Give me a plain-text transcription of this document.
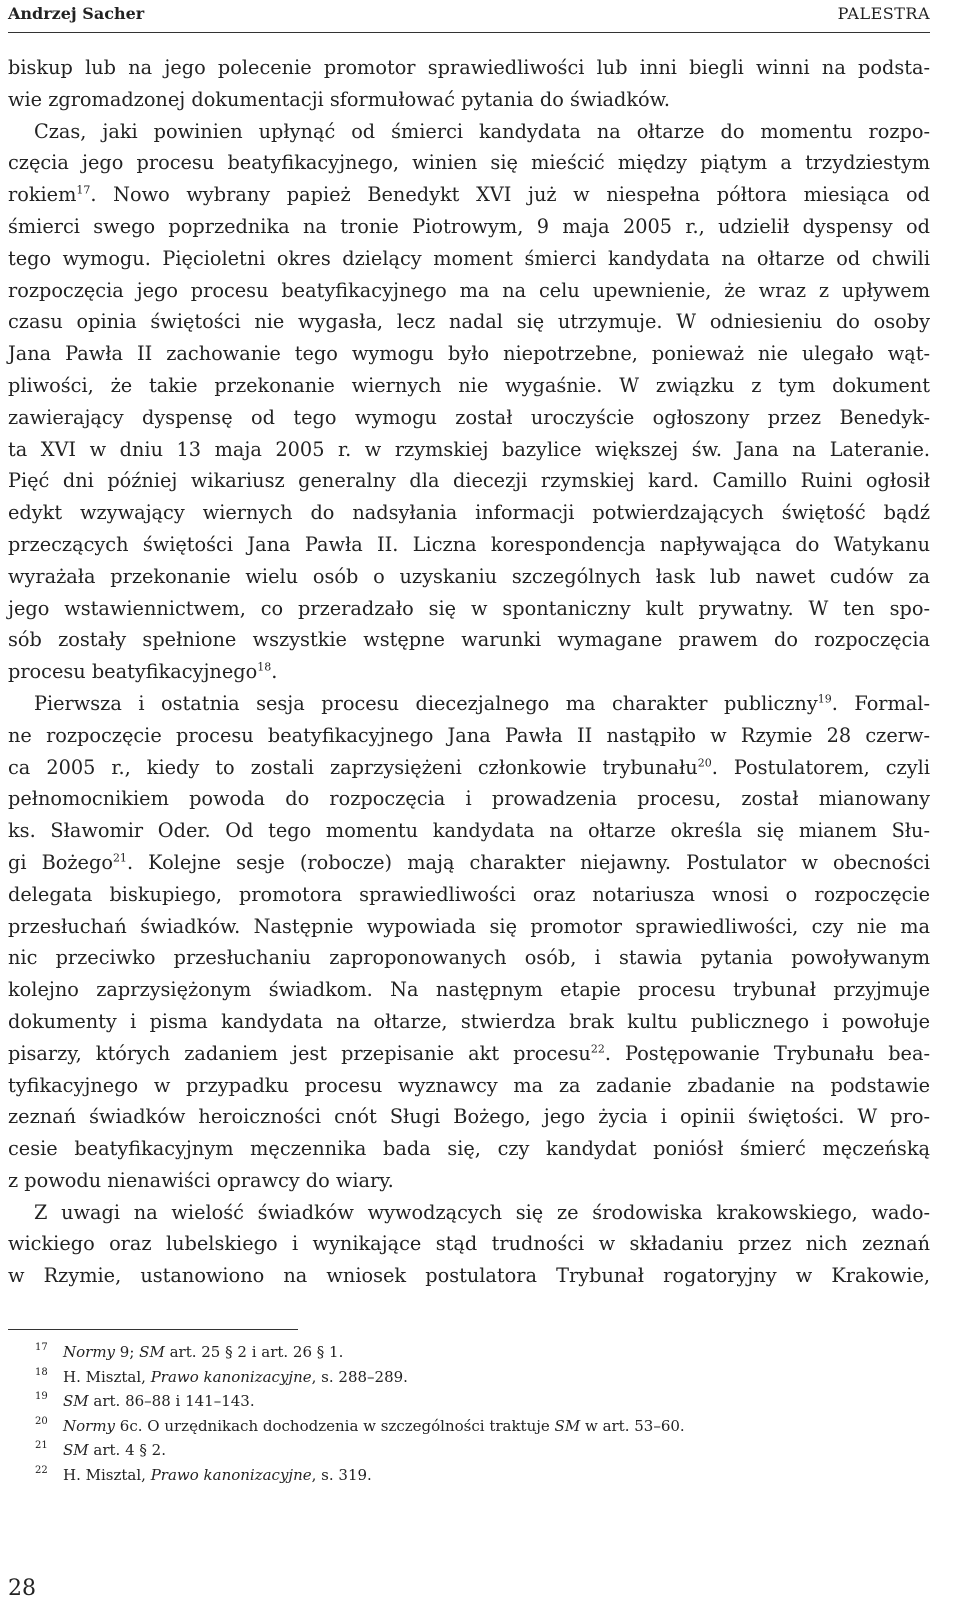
Andrzej Sacher	PALESTRA
biskup lub na jego polecenie promotor sprawiedliwości lub inni biegli winni na podsta-
wie zgromadzonej dokumentacji sformułować pytania do świadków.
Czas, jaki powinien upłynąć od śmierci kandydata na ołtarze do momentu rozpo-
częcia jego procesu beatyfikacyjnego, winien się mieścić między piątym a trzydziestym
rokiem$^{17}$. Nowo wybrany papież Benedykt XVI już w niespełna półtora miesiąca od
śmierci swego poprzednika na tronie Piotrowym, 9 maja 2005 r., udzielił dyspensy od
tego wymogu. Pięcioletni okres dzielący moment śmierci kandydata na ołtarze od chwili
rozpoczęcia jego procesu beatyfikacyjnego ma na celu upewnienie, że wraz z upływem
czasu opinia świętości nie wygasła, lecz nadal się utrzymuje. W odniesieniu do osoby
Jana Pawła II zachowanie tego wymogu było niepotrzebne, ponieważ nie ulegało wąt-
pliwości, że takie przekonanie wiernych nie wygaśnie. W związku z tym dokument
zawierający dyspensę od tego wymogu został uroczyście ogłoszony przez Benedyk-
ta XVI w dniu 13 maja 2005 r. w rzymskiej bazylice większej św. Jana na Lateranie.
Pięć dni później wikariusz generalny dla diecezji rzymskiej kard. Camillo Ruini ogłosił
edykt wzywający wiernych do nadsyłania informacji potwierdzających świętość bądź
przeczących świętości Jana Pawła II. Liczna korespondencja napływająca do Watykanu
wyrażała przekonanie wielu osób o uzyskaniu szczególnych łask lub nawet cudów za
jego wstawiennictwem, co przeradzało się w spontaniczny kult prywatny. W ten spo-
sób zostały spełnione wszystkie wstępne warunki wymagane prawem do rozpoczęcia
procesu beatyfikacyjnego$^{18}$.
Pierwsza i ostatnia sesja procesu diecezjalnego ma charakter publiczny$^{19}$. Formal-
ne rozpoczęcie procesu beatyfikacyjnego Jana Pawła II nastąpiło w Rzymie 28 czerw-
ca 2005 r., kiedy to zostali zaprzysiężeni członkowie trybunału$^{20}$. Postulatorem, czyli
pełnomocnikiem powoda do rozpoczęcia i prowadzenia procesu, został mianowany
ks. Sławomir Oder. Od tego momentu kandydata na ołtarze określa się mianem Słu-
gi Bożego$^{21}$. Kolejne sesje (robocze) mają charakter niejawny. Postulator w obecności
delegata biskupiego, promotora sprawiedliwości oraz notariusza wnosi o rozpoczęcie
przesłuchań świadków. Następnie wypowiada się promotor sprawiedliwości, czy nie ma
nic przeciwko przesłuchaniu zaproponowanych osób, i stawia pytania powoływanym
kolejno zaprzysiężonym świadkom. Na następnym etapie procesu trybunał przyjmuje
dokumenty i pisma kandydata na ołtarze, stwierdza brak kultu publicznego i powołuje
pisarzy, których zadaniem jest przepisanie akt procesu$^{22}$. Postępowanie Trybunału bea-
tyfikacyjnego w przypadku procesu wyznawcy ma za zadanie zbadanie na podstawie
zeznań świadków heroiczności cnót Sługi Bożego, jego życia i opinii świętości. W pro-
cesie beatyfikacyjnym męczennika bada się, czy kandydat poniósł śmierć męczeńską
z powodu nienawiści oprawcy do wiary.
Z uwagi na wielość świadków wywodzących się ze środowiska krakowskiego, wado-
wickiego oraz lubelskiego i wynikające stąd trudności w składaniu przez nich zeznań
w Rzymie, ustanowiono na wniosek postulatora Trybunał rogatoryjny w Krakowie,
17 Normy 9; SM art. 25 § 2 i art. 26 § 1.
18 H. Misztal, Prawo kanonizacyjne, s. 288–289.
19 SM art. 86–88 i 141–143.
20 Normy 6c. O urzędnikach dochodzenia w szczególności traktuje SM w art. 53–60.
21 SM art. 4 § 2.
22 H. Misztal, Prawo kanonizacyjne, s. 319.
28
